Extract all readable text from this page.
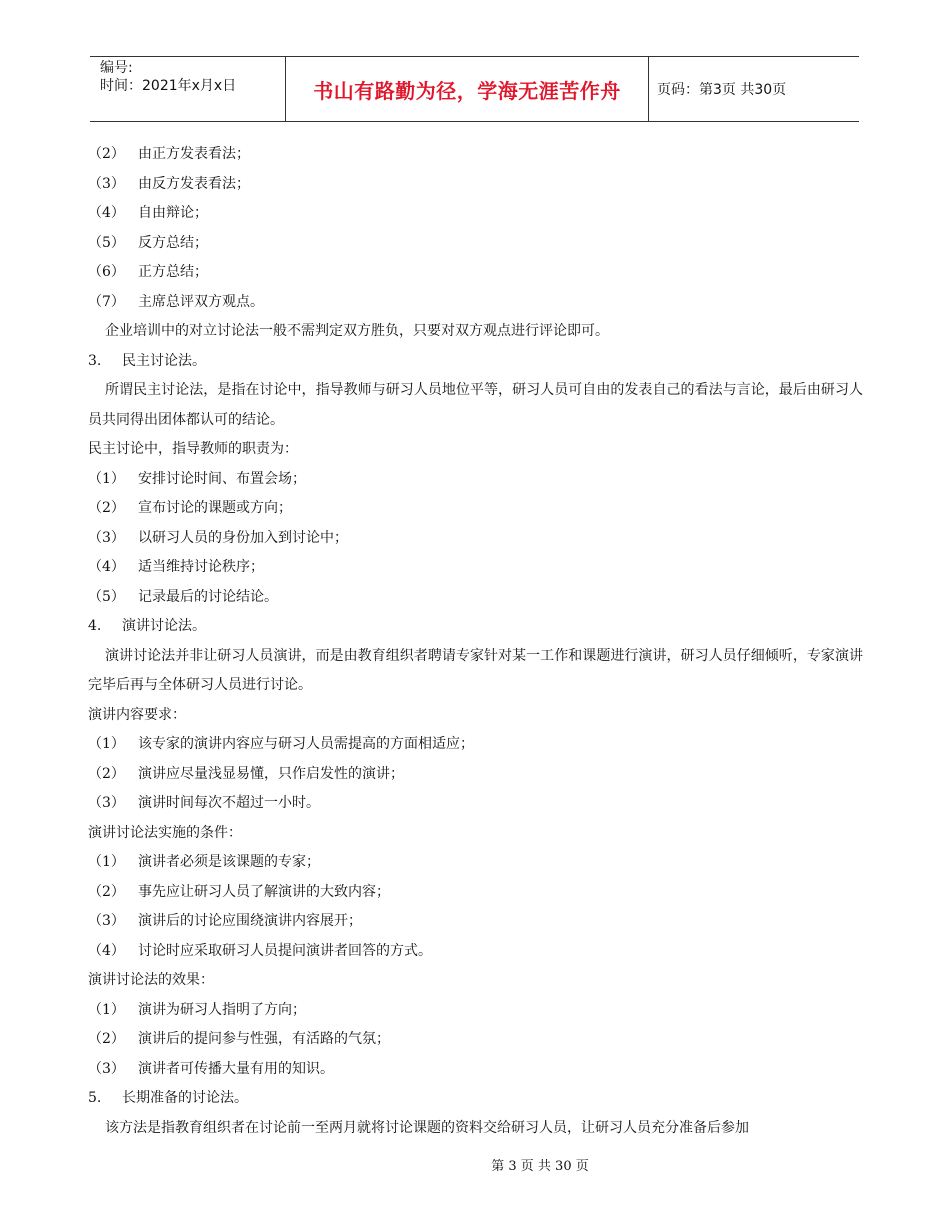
编号:
时间：2021年x月x日	书山有路勤为径，学海无涯苦作舟	页码：第3页 共30页
（2） 由正方发表看法；
（3） 由反方发表看法；
（4） 自由辩论；
（5） 反方总结；
（6） 正方总结；
（7） 主席总评双方观点。
企业培训中的对立讨论法一般不需判定双方胜负，只要对双方观点进行评论即可。
3. 民主讨论法。
所谓民主讨论法，是指在讨论中，指导教师与研习人员地位平等，研习人员可自由的发表自己的看法与言论，最后由研习人员共同得出团体都认可的结论。
民主讨论中，指导教师的职责为：
（1） 安排讨论时间、布置会场；
（2） 宣布讨论的课题或方向；
（3） 以研习人员的身份加入到讨论中；
（4） 适当维持讨论秩序；
（5） 记录最后的讨论结论。
4. 演讲讨论法。
演讲讨论法并非让研习人员演讲，而是由教育组织者聘请专家针对某一工作和课题进行演讲，研习人员仔细倾听，专家演讲完毕后再与全体研习人员进行讨论。
演讲内容要求：
（1） 该专家的演讲内容应与研习人员需提高的方面相适应；
（2） 演讲应尽量浅显易懂，只作启发性的演讲；
（3） 演讲时间每次不超过一小时。
演讲讨论法实施的条件：
（1） 演讲者必须是该课题的专家；
（2） 事先应让研习人员了解演讲的大致内容；
（3） 演讲后的讨论应围绕演讲内容展开；
（4） 讨论时应采取研习人员提问演讲者回答的方式。
演讲讨论法的效果：
（1） 演讲为研习人指明了方向；
（2） 演讲后的提问参与性强，有活路的气氛；
（3） 演讲者可传播大量有用的知识。
5. 长期准备的讨论法。
该方法是指教育组织者在讨论前一至两月就将讨论课题的资料交给研习人员，让研习人员充分准备后参加
第 3 页 共 30 页
